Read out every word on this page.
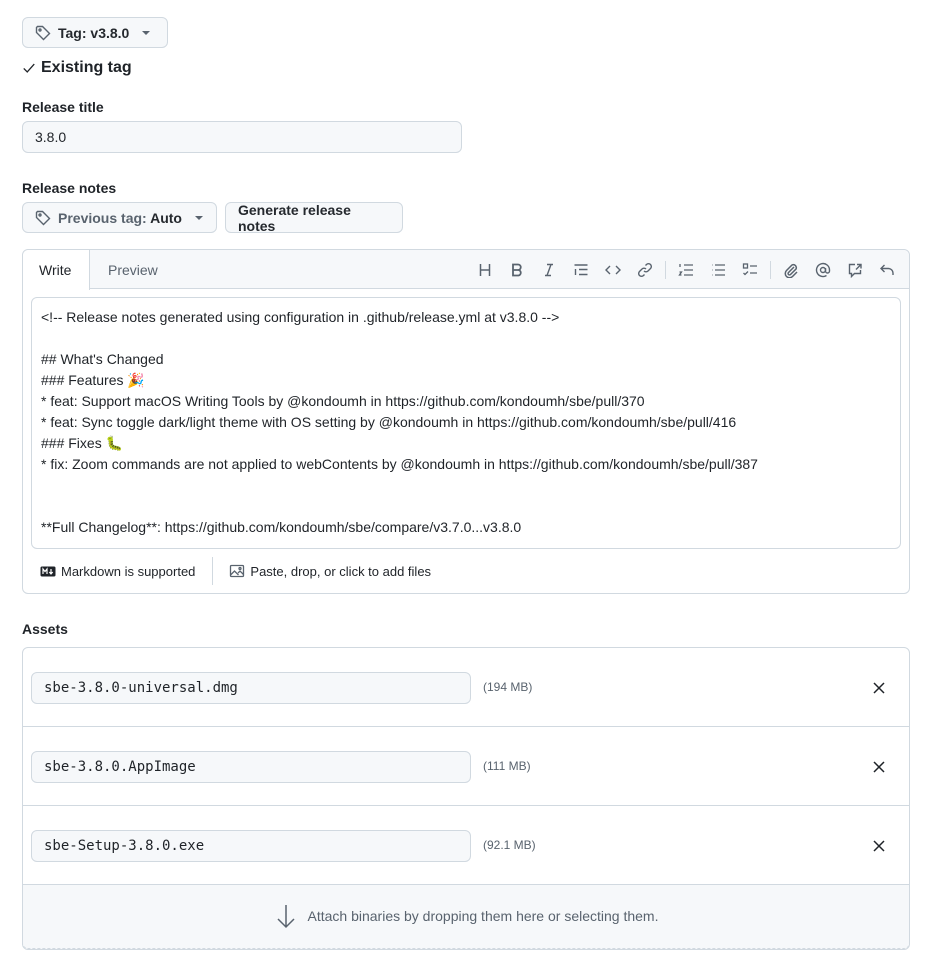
Tag: v3.8.0
Existing tag
Release title
3.8.0
Release notes
Previous tag: Auto	Generate release notes
Write	Preview
<!-- Release notes generated using configuration in .github/release.yml at v3.8.0 -->

## What's Changed
### Features 🎉
* feat: Support macOS Writing Tools by @kondoumh in https://github.com/kondoumh/sbe/pull/370
* feat: Sync toggle dark/light theme with OS setting by @kondoumh in https://github.com/kondoumh/sbe/pull/416
### Fixes 🐛
* fix: Zoom commands are not applied to webContents by @kondoumh in https://github.com/kondoumh/sbe/pull/387

**Full Changelog**: https://github.com/kondoumh/sbe/compare/v3.7.0...v3.8.0
Markdown is supported	Paste, drop, or click to add files
Assets
sbe-3.8.0-universal.dmg	(194 MB)
sbe-3.8.0.AppImage	(111 MB)
sbe-Setup-3.8.0.exe	(92.1 MB)
Attach binaries by dropping them here or selecting them.
